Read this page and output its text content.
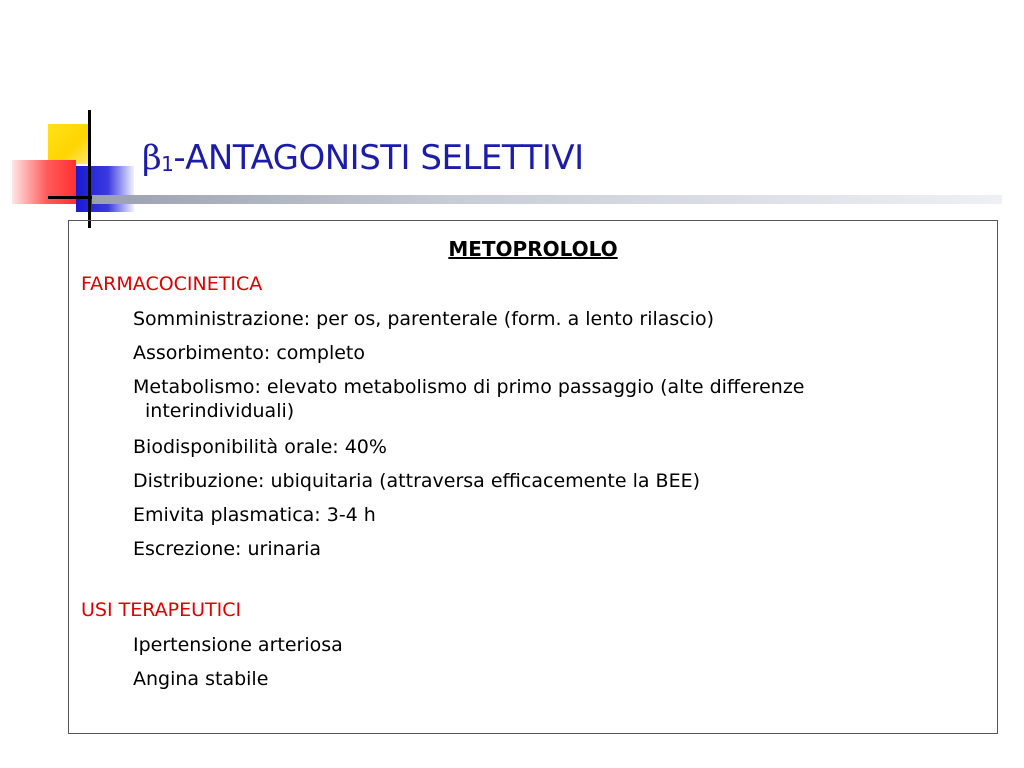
β1-ANTAGONISTI SELETTIVI
METOPROLOLO
FARMACOCINETICA
Somministrazione: per os, parenterale (form. a lento rilascio)
Assorbimento: completo
Metabolismo: elevato metabolismo di primo passaggio (alte differenze
interindividuali)
Biodisponibilità orale: 40%
Distribuzione: ubiquitaria (attraversa efficacemente la BEE)
Emivita plasmatica: 3-4 h
Escrezione: urinaria
USI TERAPEUTICI
Ipertensione arteriosa
Angina stabile
